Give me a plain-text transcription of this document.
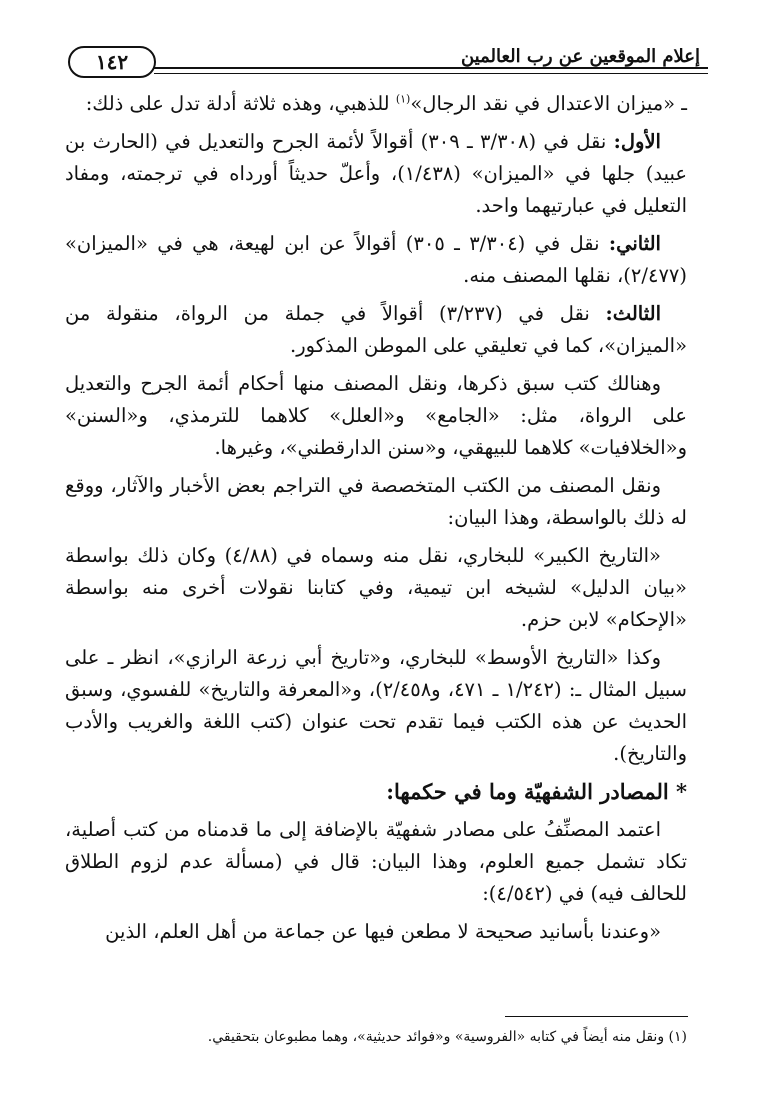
١٤٢	إعلام الموقعين عن رب العالمين

ـ «ميزان الاعتدال في نقد الرجال»$^{(١)}$ للذهبي، وهذه ثلاثة أدلة تدل على ذلك:

الأول: نقل في (٣/٣٠٨ ـ ٣٠٩) أقوالاً لأئمة الجرح والتعديل في (الحارث بن عبيد) جلها في «الميزان» (١/٤٣٨)، وأعلّ حديثاً أورداه في ترجمته، ومفاد التعليل في عبارتيهما واحد.

الثاني: نقل في (٣/٣٠٤ ـ ٣٠٥) أقوالاً عن ابن لهيعة، هي في «الميزان» (٢/٤٧٧)، نقلها المصنف منه.

الثالث: نقل في (٣/٢٣٧) أقوالاً في جملة من الرواة، منقولة من «الميزان»، كما في تعليقي على الموطن المذكور.

وهنالك كتب سبق ذكرها، ونقل المصنف منها أحكام أئمة الجرح والتعديل على الرواة، مثل: «الجامع» و«العلل» كلاهما للترمذي، و«السنن» و«الخلافيات» كلاهما للبيهقي، و«سنن الدارقطني»، وغيرها.

ونقل المصنف من الكتب المتخصصة في التراجم بعض الأخبار والآثار، ووقع له ذلك بالواسطة، وهذا البيان:

«التاريخ الكبير» للبخاري، نقل منه وسماه في (٤/٨٨) وكان ذلك بواسطة «بيان الدليل» لشيخه ابن تيمية، وفي كتابنا نقولات أخرى منه بواسطة «الإحكام» لابن حزم.

وكذا «التاريخ الأوسط» للبخاري، و«تاريخ أبي زرعة الرازي»، انظر ـ على سبيل المثال ـ: (١/٢٤٢ ـ ٤٧١، و٢/٤٥٨)، و«المعرفة والتاريخ» للفسوي، وسبق الحديث عن هذه الكتب فيما تقدم تحت عنوان (كتب اللغة والغريب والأدب والتاريخ).

* المصادر الشفهيّة وما في حكمها:

اعتمد المصنِّفُ على مصادر شفهيّة بالإضافة إلى ما قدمناه من كتب أصلية، تكاد تشمل جميع العلوم، وهذا البيان: قال في (مسألة عدم لزوم الطلاق للحالف فيه) في (٤/٥٤٢):

«وعندنا بأسانيد صحيحة لا مطعن فيها عن جماعة من أهل العلم، الذين

(١) ونقل منه أيضاً في كتابه «الفروسية» و«فوائد حديثية»، وهما مطبوعان بتحقيقي.
